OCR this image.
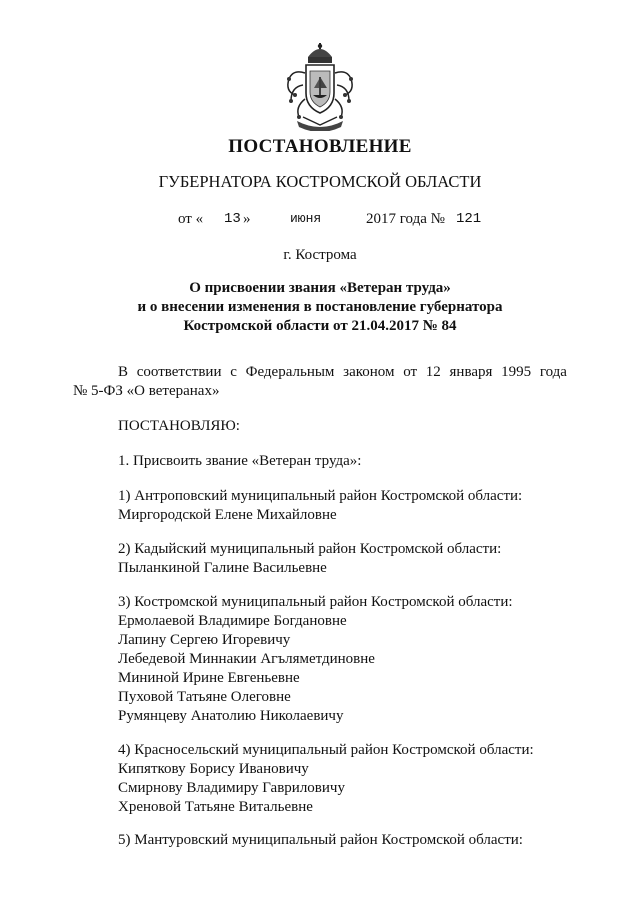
ПОСТАНОВЛЕНИЕ
ГУБЕРНАТОРА КОСТРОМСКОЙ ОБЛАСТИ
от « 13 »	июня	2017 года № 121
г. Кострома
О присвоении звания «Ветеран труда»
и о внесении изменения в постановление губернатора
Костромской области от 21.04.2017 № 84
В соответствии с Федеральным законом от 12 января 1995 года
№ 5-ФЗ «О ветеранах»
ПОСТАНОВЛЯЮ:
1. Присвоить звание «Ветеран труда»:
1) Антроповский муниципальный район Костромской области:
Миргородской Елене Михайловне
2) Кадыйский муниципальный район Костромской области:
Пыланкиной Галине Васильевне
3) Костромской муниципальный район Костромской области:
Ермолаевой Владимире Богдановне
Лапину Сергею Игоревичу
Лебедевой Миннакии Агъляметдиновне
Мининой Ирине Евгеньевне
Пуховой Татьяне Олеговне
Румянцеву Анатолию Николаевичу
4) Красносельский муниципальный район Костромской области:
Кипяткову Борису Ивановичу
Смирнову Владимиру Гавриловичу
Хреновой Татьяне Витальевне
5) Мантуровский муниципальный район Костромской области:
